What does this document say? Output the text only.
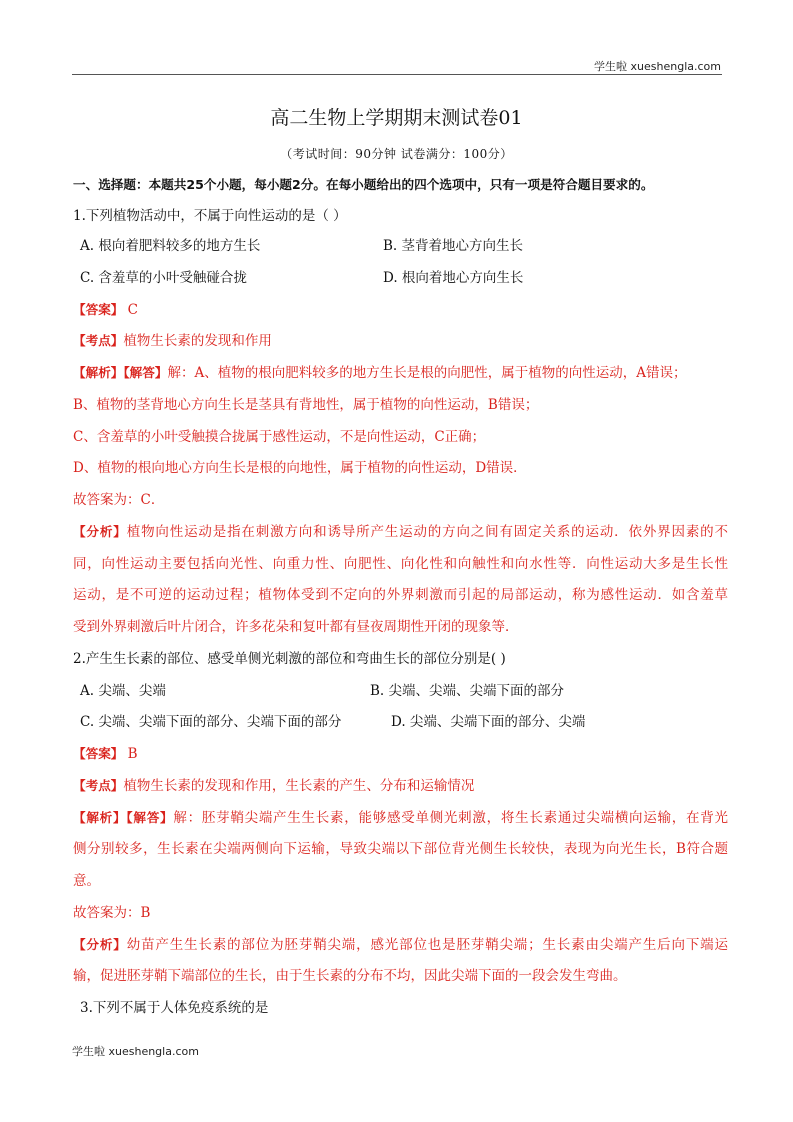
学生啦 xueshengla.com
高二生物上学期期末测试卷01
（考试时间：90分钟 试卷满分：100分）
一、选择题：本题共25个小题，每小题2分。在每小题给出的四个选项中，只有一项是符合题目要求的。
1.下列植物活动中，不属于向性运动的是（ ）
A. 根向着肥料较多的地方生长	B. 茎背着地心方向生长
C. 含羞草的小叶受触碰合拢	D. 根向着地心方向生长
【答案】 C
【考点】植物生长素的发现和作用
【解析】【解答】解：A、植物的根向肥料较多的地方生长是根的向肥性，属于植物的向性运动，A错误；
B、植物的茎背地心方向生长是茎具有背地性，属于植物的向性运动，B错误；
C、含羞草的小叶受触摸合拢属于感性运动，不是向性运动，C正确；
D、植物的根向地心方向生长是根的向地性，属于植物的向性运动，D错误．
故答案为：C．
【分析】植物向性运动是指在刺激方向和诱导所产生运动的方向之间有固定关系的运动．依外界因素的不
同，向性运动主要包括向光性、向重力性、向肥性、向化性和向触性和向水性等．向性运动大多是生长性
运动，是不可逆的运动过程；植物体受到不定向的外界刺激而引起的局部运动，称为感性运动．如含羞草
受到外界刺激后叶片闭合，许多花朵和复叶都有昼夜周期性开闭的现象等．
2.产生生长素的部位、感受单侧光刺激的部位和弯曲生长的部位分别是( )
A. 尖端、尖端	B. 尖端、尖端、尖端下面的部分
C. 尖端、尖端下面的部分、尖端下面的部分	D. 尖端、尖端下面的部分、尖端
【答案】 B
【考点】植物生长素的发现和作用，生长素的产生、分布和运输情况
【解析】【解答】解：胚芽鞘尖端产生生长素，能够感受单侧光刺激，将生长素通过尖端横向运输，在背光
侧分别较多，生长素在尖端两侧向下运输，导致尖端以下部位背光侧生长较快，表现为向光生长，B符合题
意。
故答案为：B
【分析】幼苗产生生长素的部位为胚芽鞘尖端，感光部位也是胚芽鞘尖端；生长素由尖端产生后向下端运
输，促进胚芽鞘下端部位的生长，由于生长素的分布不均，因此尖端下面的一段会发生弯曲。
3.下列不属于人体免疫系统的是
学生啦 xueshengla.com
